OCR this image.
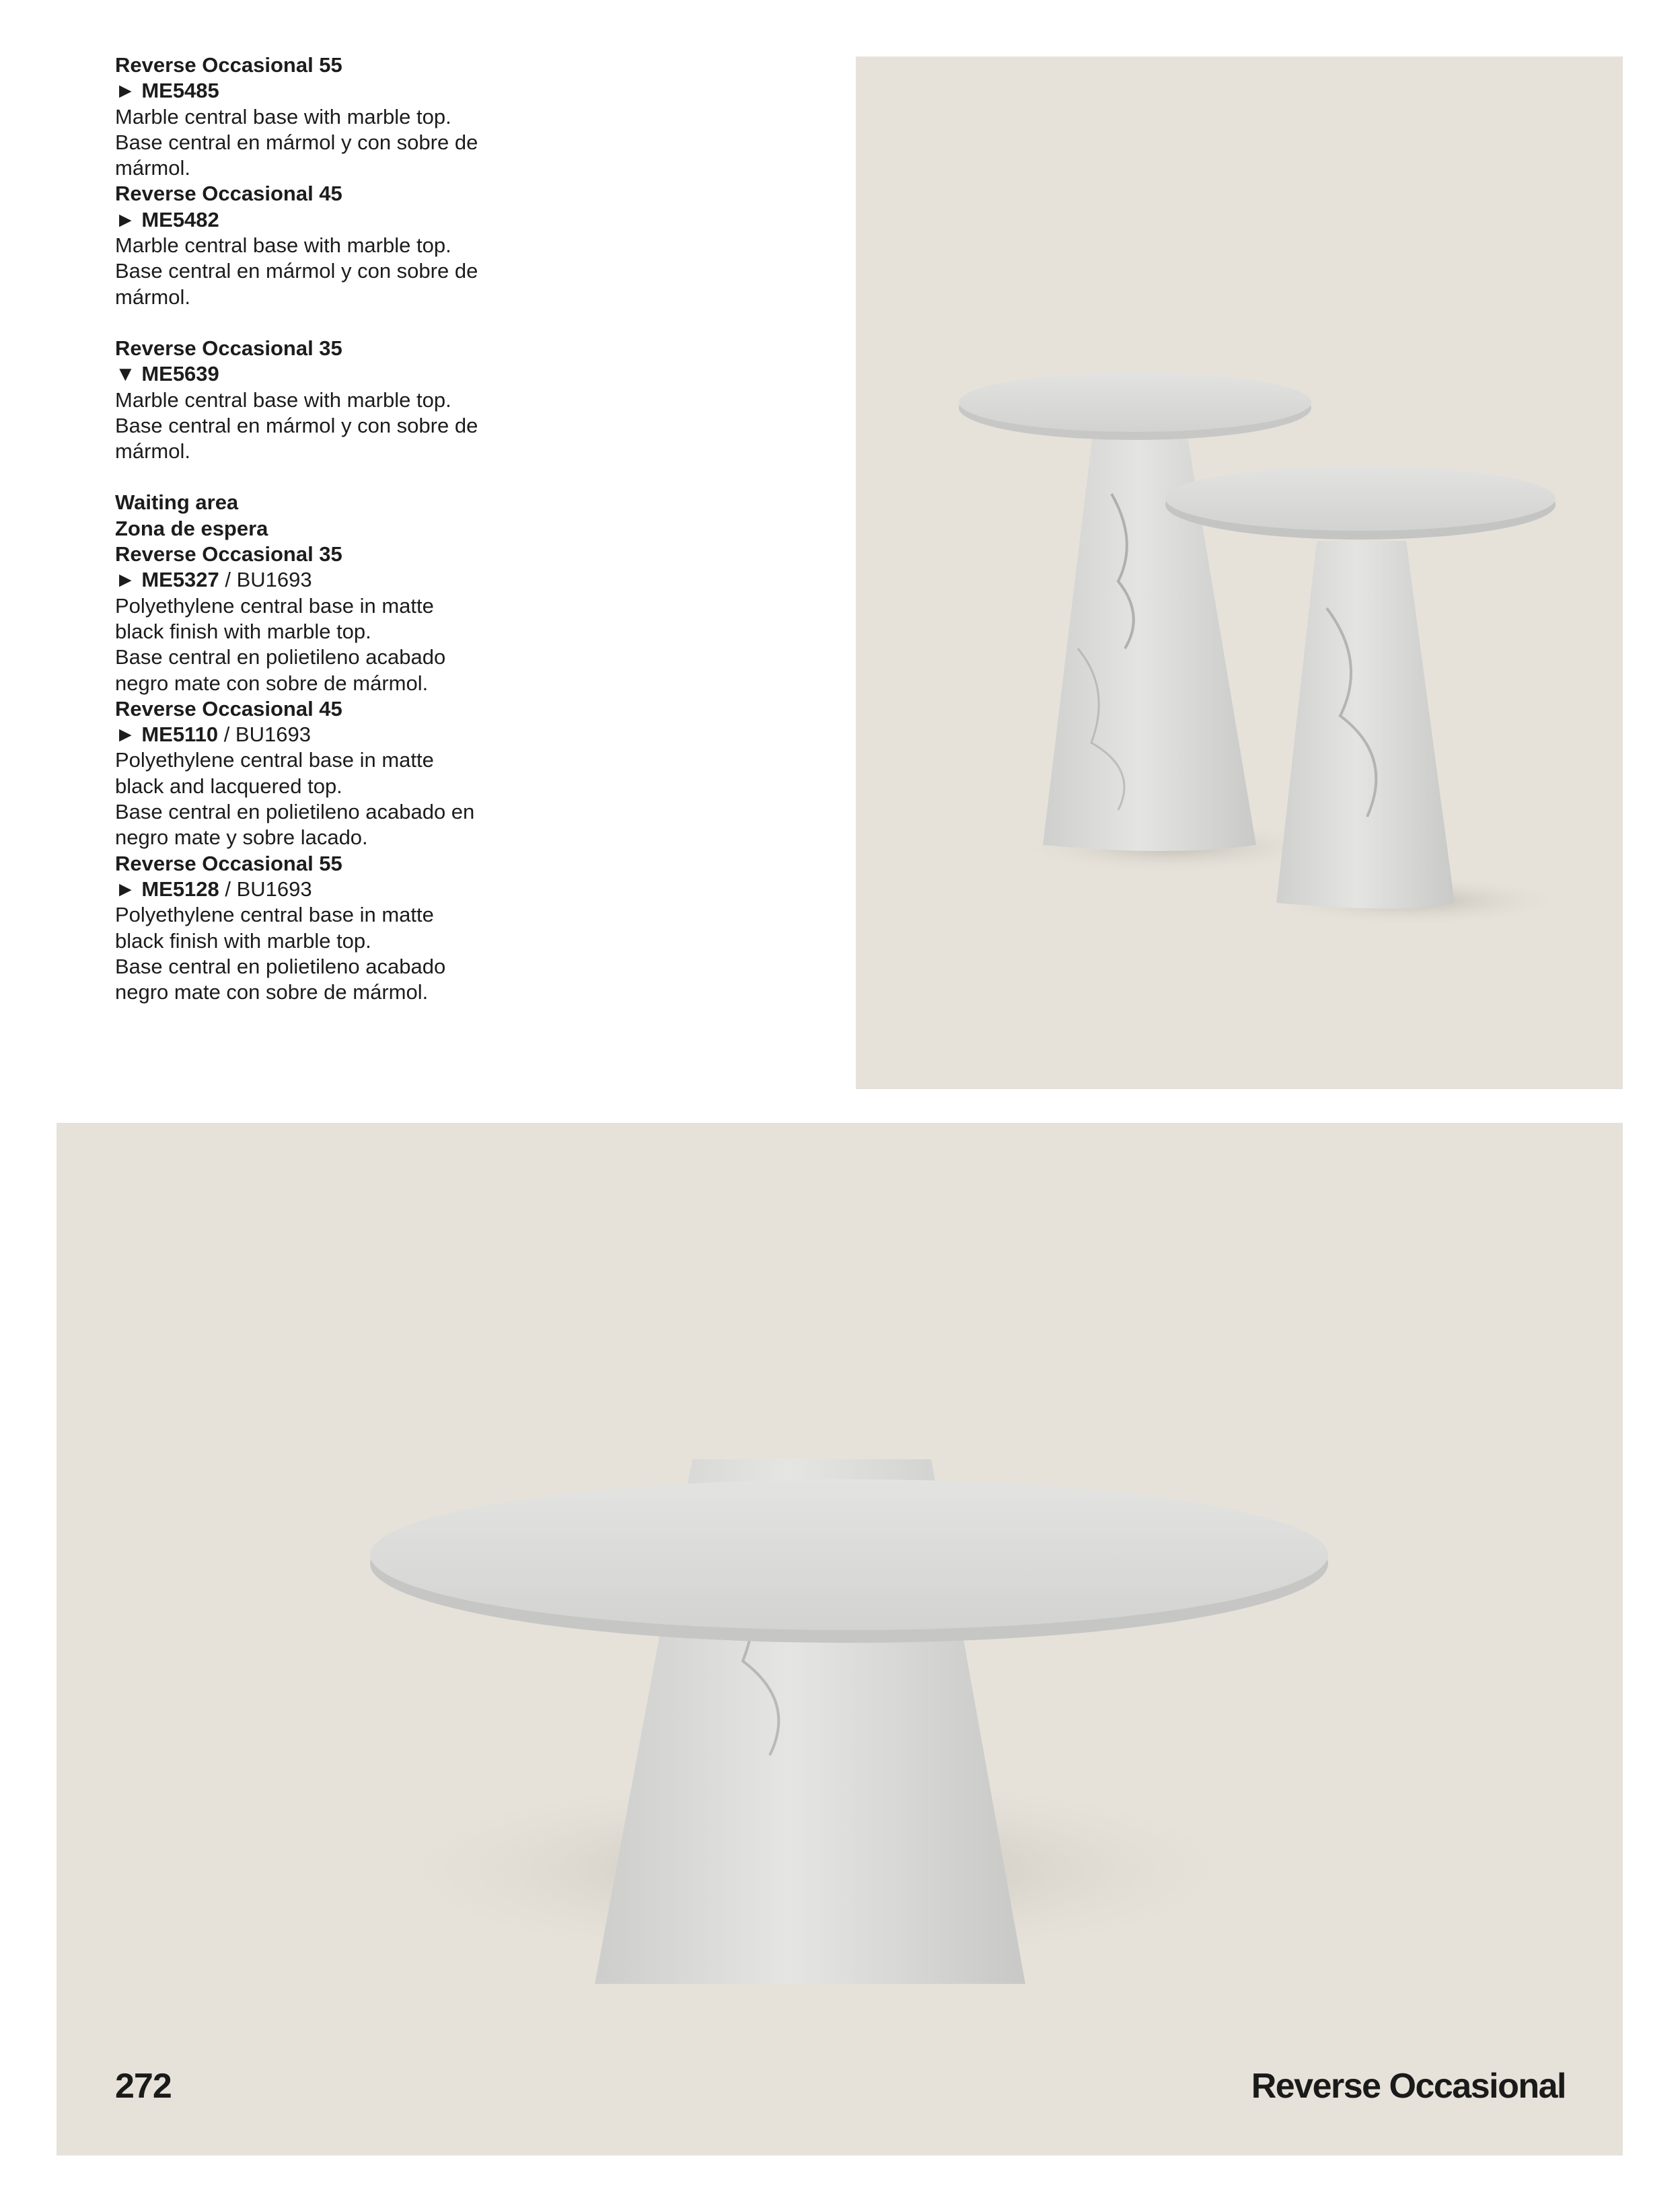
Reverse Occasional 55
► ME5485
Marble central base with marble top.
Base central en mármol y con sobre de
mármol.
Reverse Occasional 45
► ME5482
Marble central base with marble top.
Base central en mármol y con sobre de
mármol.
Reverse Occasional 35
▼ ME5639
Marble central base with marble top.
Base central en mármol y con sobre de
mármol.
Waiting area
Zona de espera
Reverse Occasional 35
► ME5327 / BU1693
Polyethylene central base in matte
black finish with marble top.
Base central en polietileno acabado
negro mate con sobre de mármol.
Reverse Occasional 45
► ME5110 / BU1693
Polyethylene central base in matte
black and lacquered top.
Base central en polietileno acabado en
negro mate y sobre lacado.
Reverse Occasional 55
► ME5128 / BU1693
Polyethylene central base in matte
black finish with marble top.
Base central en polietileno acabado
negro mate con sobre de mármol.
272	Reverse Occasional
